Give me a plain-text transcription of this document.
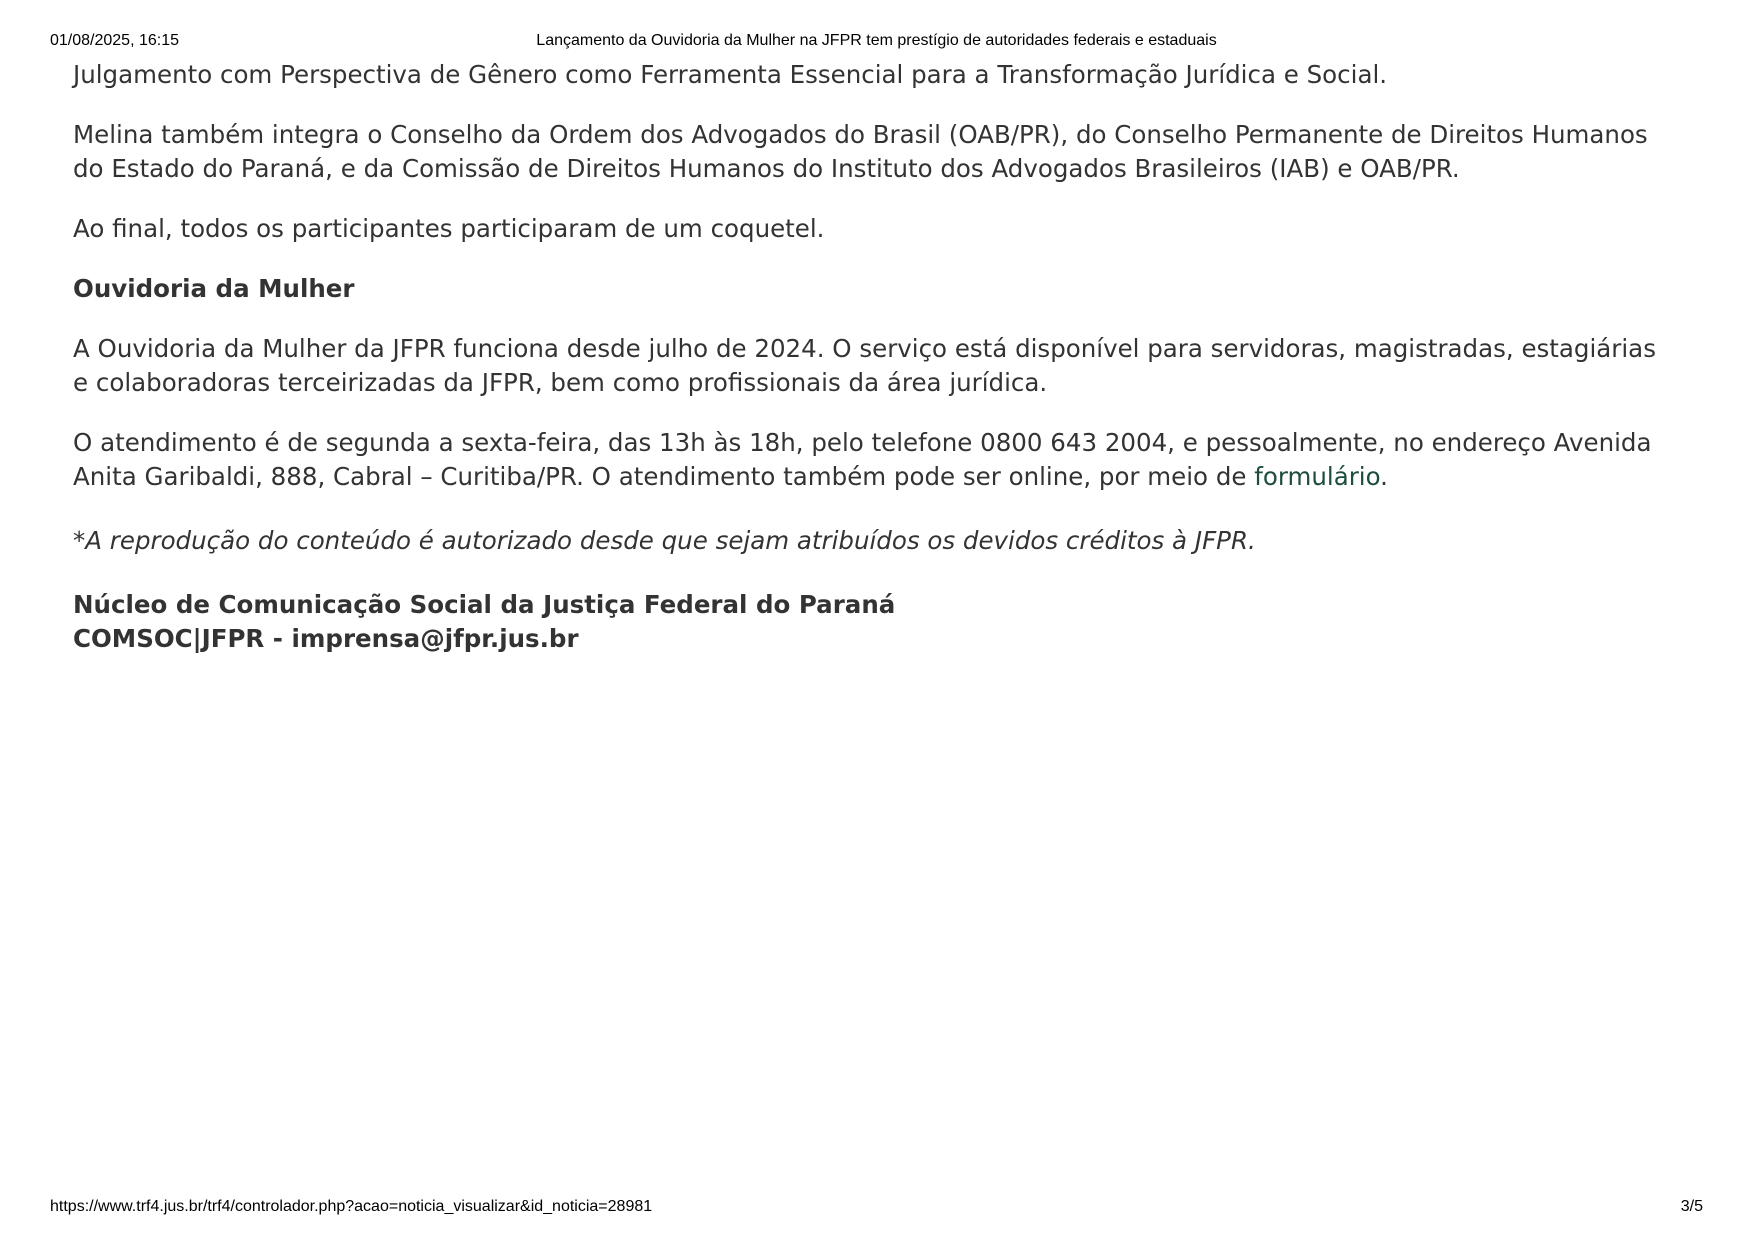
01/08/2025, 16:15	Lançamento da Ouvidoria da Mulher na JFPR tem prestígio de autoridades federais e estaduais

Julgamento com Perspectiva de Gênero como Ferramenta Essencial para a Transformação Jurídica e Social.

Melina também integra o Conselho da Ordem dos Advogados do Brasil (OAB/PR), do Conselho Permanente de Direitos Humanos do Estado do Paraná, e da Comissão de Direitos Humanos do Instituto dos Advogados Brasileiros (IAB) e OAB/PR.

Ao final, todos os participantes participaram de um coquetel.

Ouvidoria da Mulher

A Ouvidoria da Mulher da JFPR funciona desde julho de 2024. O serviço está disponível para servidoras, magistradas, estagiárias e colaboradoras terceirizadas da JFPR, bem como profissionais da área jurídica.

O atendimento é de segunda a sexta-feira, das 13h às 18h, pelo telefone 0800 643 2004, e pessoalmente, no endereço Avenida Anita Garibaldi, 888, Cabral – Curitiba/PR. O atendimento também pode ser online, por meio de formulário.

*A reprodução do conteúdo é autorizado desde que sejam atribuídos os devidos créditos à JFPR.

Núcleo de Comunicação Social da Justiça Federal do Paraná
COMSOC|JFPR - imprensa@jfpr.jus.br
https://www.trf4.jus.br/trf4/controlador.php?acao=noticia_visualizar&id_noticia=28981	3/5
